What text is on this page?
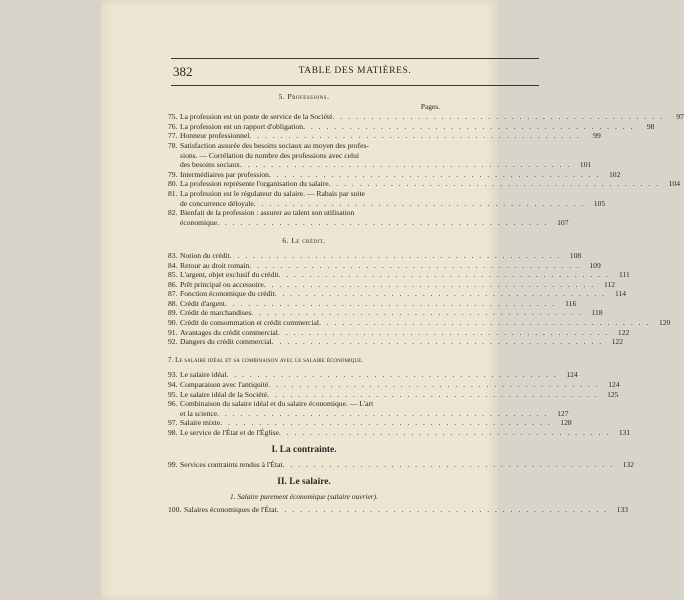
382	TABLE DES MATIÈRES.
5. Professions.
Pages.
75. La profession est un poste de service de la Société . . . . . . . . . . . . . . . . . . . . . . . . . . . . . . . . . . . . . . . . . . .	97
76. La profession est un rapport d'obligation . . . . . . . . . . . . . . . . . . . . . . . . . . . . . . . . . . . . . . . . . . .	98
77. Honneur professionnel . . . . . . . . . . . . . . . . . . . . . . . . . . . . . . . . . . . . . . . . . . .	99
78. Satisfaction assurée des besoins sociaux au moyen des profes-
sions. — Corrélation du nombre des professions avec celui
des besoins sociaux . . . . . . . . . . . . . . . . . . . . . . . . . . . . . . . . . . . . . . . . . . .	101
79. Intermédiaires par profession . . . . . . . . . . . . . . . . . . . . . . . . . . . . . . . . . . . . . . . . . . .	102
80. La profession représente l'organisation du salaire . . . . . . . . . . . . . . . . . . . . . . . . . . . . . . . . . . . . . . . . . . .	104
81. La profession est le régulateur du salaire. — Rabais par suite
de concurrence déloyale . . . . . . . . . . . . . . . . . . . . . . . . . . . . . . . . . . . . . . . . . . .	105
82. Bienfait de la profession : assurer au talent son utilisation
économique . . . . . . . . . . . . . . . . . . . . . . . . . . . . . . . . . . . . . . . . . . .	107
6. Le crédit.
83. Notion du crédit . . . . . . . . . . . . . . . . . . . . . . . . . . . . . . . . . . . . . . . . . . .	108
84. Retour au droit romain . . . . . . . . . . . . . . . . . . . . . . . . . . . . . . . . . . . . . . . . . . .	109
85. L'argent, objet exclusif du crédit . . . . . . . . . . . . . . . . . . . . . . . . . . . . . . . . . . . . . . . . . . .	111
86. Prêt principal ou accessoire . . . . . . . . . . . . . . . . . . . . . . . . . . . . . . . . . . . . . . . . . . .	112
87. Fonction économique du crédit . . . . . . . . . . . . . . . . . . . . . . . . . . . . . . . . . . . . . . . . . . .	114
88. Crédit d'argent . . . . . . . . . . . . . . . . . . . . . . . . . . . . . . . . . . . . . . . . . . .	116
89. Crédit de marchandises . . . . . . . . . . . . . . . . . . . . . . . . . . . . . . . . . . . . . . . . . . .	118
90. Crédit de consommation et crédit commercial . . . . . . . . . . . . . . . . . . . . . . . . . . . . . . . . . . . . . . . . . . .	120
91. Avantages du crédit commercial . . . . . . . . . . . . . . . . . . . . . . . . . . . . . . . . . . . . . . . . . . .	122
92. Dangers du crédit commercial . . . . . . . . . . . . . . . . . . . . . . . . . . . . . . . . . . . . . . . . . . .	122
7. Le salaire idéal et sa combinaison avec le salaire économique.
93. Le salaire idéal . . . . . . . . . . . . . . . . . . . . . . . . . . . . . . . . . . . . . . . . . . .	124
94. Comparaison avec l'antiquité . . . . . . . . . . . . . . . . . . . . . . . . . . . . . . . . . . . . . . . . . . .	124
95. Le salaire idéal de la Société . . . . . . . . . . . . . . . . . . . . . . . . . . . . . . . . . . . . . . . . . . .	125
96. Combinaison du salaire idéal et du salaire économique. — L'art
et la science . . . . . . . . . . . . . . . . . . . . . . . . . . . . . . . . . . . . . . . . . . .	127
97. Salaire mixte . . . . . . . . . . . . . . . . . . . . . . . . . . . . . . . . . . . . . . . . . . .	128
98. Le service de l'État et de l'Église . . . . . . . . . . . . . . . . . . . . . . . . . . . . . . . . . . . . . . . . . . .	131
I. La contrainte.
99. Services contraints rendus à l'État . . . . . . . . . . . . . . . . . . . . . . . . . . . . . . . . . . . . . . . . . . .	132
II. Le salaire.
1. Salaire purement économique (salaire ouvrier).
100. Salaires économiques de l'État . . . . . . . . . . . . . . . . . . . . . . . . . . . . . . . . . . . . . . . . . . .	133
